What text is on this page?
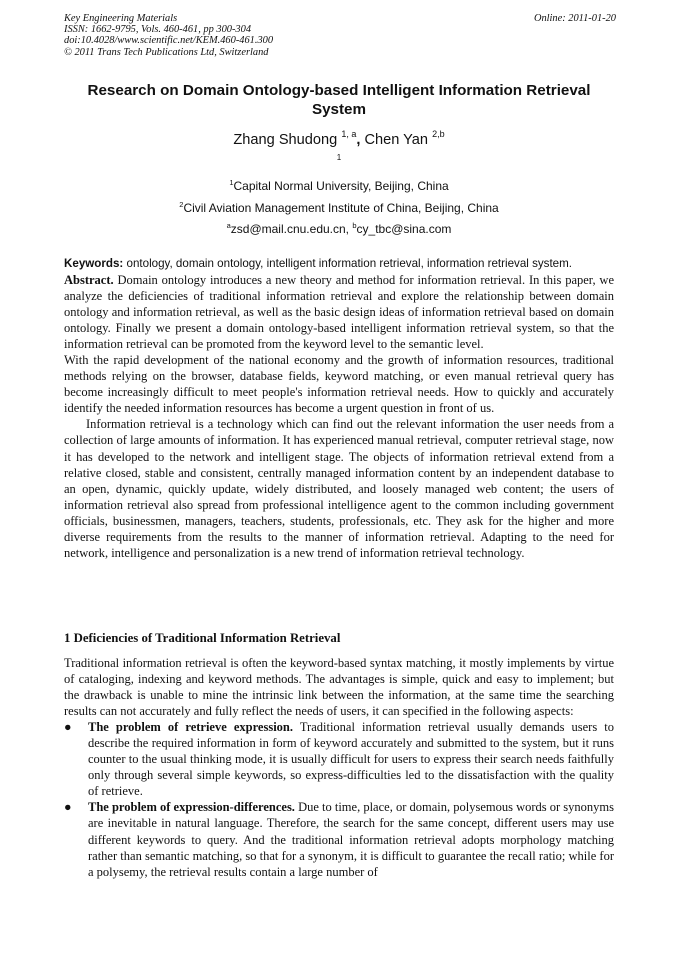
Key Engineering Materials
ISSN: 1662-9795, Vols. 460-461, pp 300-304
doi:10.4028/www.scientific.net/KEM.460-461.300
© 2011 Trans Tech Publications Ltd, Switzerland
Online: 2011-01-20
Research on Domain Ontology-based Intelligent Information Retrieval System
Zhang Shudong $^{1, a}$, Chen Yan $^{2,b}$
1
$^1$Capital Normal University, Beijing, China
$^2$Civil Aviation Management Institute of China, Beijing, China
$^a$zsd@mail.cnu.edu.cn, $^b$cy_tbc@sina.com

Keywords: ontology, domain ontology, intelligent information retrieval, information retrieval system.

Abstract. Domain ontology introduces a new theory and method for information retrieval. In this paper, we analyze the deficiencies of traditional information retrieval and explore the relationship between domain ontology and information retrieval, as well as the basic design ideas of information retrieval based on domain ontology. Finally we present a domain ontology-based intelligent information retrieval system, so that the information retrieval can be promoted from the keyword level to the semantic level.

With the rapid development of the national economy and the growth of information resources, traditional methods relying on the browser, database fields, keyword matching, or even manual retrieval query has become increasingly difficult to meet people's information retrieval needs. How to quickly and accurately identify the needed information resources has become a urgent question in front of us.

Information retrieval is a technology which can find out the relevant information the user needs from a collection of large amounts of information. It has experienced manual retrieval, computer retrieval stage, now it has developed to the network and intelligent stage. The objects of information retrieval extend from a relative closed, stable and consistent, centrally managed information content by an independent database to an open, dynamic, quickly update, widely distributed, and loosely managed web content; the users of information retrieval also spread from professional intelligence agent to the common including government officials, businessmen, managers, teachers, students, professionals, etc. They ask for the higher and more diverse requirements from the results to the manner of information retrieval. Adapting to the need for network, intelligence and personalization is a new trend of information retrieval technology.

1 Deficiencies of Traditional Information Retrieval

Traditional information retrieval is often the keyword-based syntax matching, it mostly implements by virtue of cataloging, indexing and keyword methods. The advantages is simple, quick and easy to implement; but the drawback is unable to mine the intrinsic link between the information, at the same time the searching results can not accurately and fully reflect the needs of users, it can specified in the following aspects:

● The problem of retrieve expression. Traditional information retrieval usually demands users to describe the required information in form of keyword accurately and submitted to the system, but it runs counter to the usual thinking mode, it is usually difficult for users to express their search needs faithfully only through several simple keywords, so express-difficulties led to the dissatisfaction with the quality of retrieve.
● The problem of expression-differences. Due to time, place, or domain, polysemous words or synonyms are inevitable in natural language. Therefore, the search for the same concept, different users may use different keywords to query. And the traditional information retrieval adopts morphology matching rather than semantic matching, so that for a synonym, it is difficult to guarantee the recall ratio; while for a polysemy, the retrieval results contain a large number of
